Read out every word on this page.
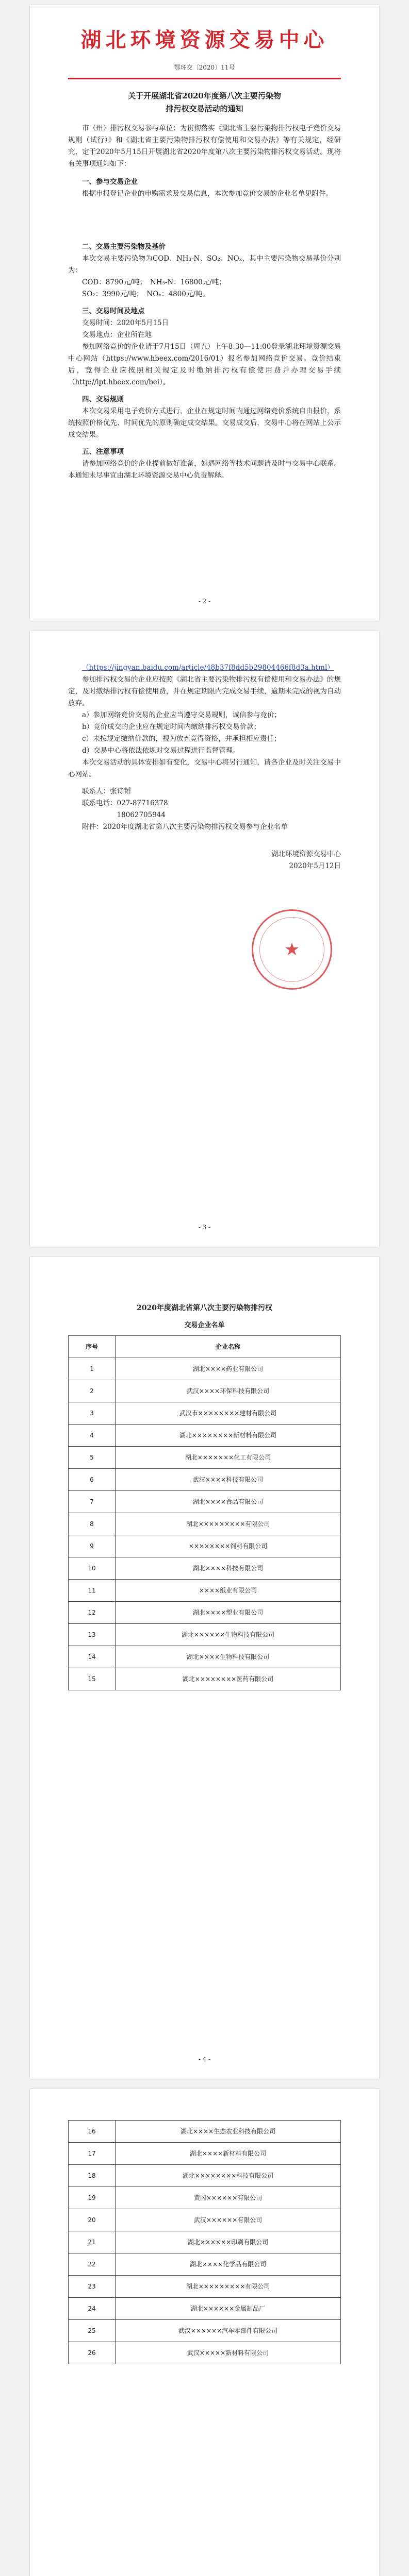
湖北环境资源交易中心
鄂环交〔2020〕11号
关于开展湖北省2020年度第八次主要污染物
排污权交易活动的通知

市（州）排污权交易参与单位：为贯彻落实《湖北省主要污染物排污权电子竞价交易规则（试行）》和《湖北省主要污染物排污权有偿使用和交易办法》等有关规定，经研究，定于2020年5月15日开展湖北省2020年度第八次主要污染物排污权交易活动。现将有关事项通知如下：

一、参与交易企业

根据申报登记企业的申购需求及交易信息，本次参加竞价交易的企业名单见附件。

二、交易主要污染物及基价

本次交易主要污染物为COD、NH₃-N、SO₂、NOₓ，其中主要污染物交易基价分别为：

COD：8790元/吨；　NH₃-N：16800元/吨；

SO₂：3990元/吨；　NOₓ：4800元/吨。

三、交易时间及地点

交易时间：2020年5月15日

交易地点：企业所在地

参加网络竞价的企业请于7月15日（周五）上午8:30—11:00登录湖北环境资源交易中心网站（https://www.hbeex.com/2016/01）报名参加网络竞价交易。竞价结束后，竞得企业应按照相关规定及时缴纳排污权有偿使用费并办理交易手续（http://ipt.hbeex.com/bei）。

四、交易规则

本次交易采用电子竞价方式进行，企业在规定时间内通过网络竞价系统自由报价，系统按照价格优先、时间优先的原则确定成交结果。交易成交后，交易中心将在网站上公示成交结果。

五、注意事项

请参加网络竞价的企业提前做好准备，如遇网络等技术问题请及时与交易中心联系。本通知未尽事宜由湖北环境资源交易中心负责解释。

- 2 -

（https://jingyan.baidu.com/article/48b37f8dd5b29804466f8d3a.html）

参加排污权交易的企业应按照《湖北省主要污染物排污权有偿使用和交易办法》的规定，及时缴纳排污权有偿使用费，并在规定期限内完成交易手续，逾期未完成的视为自动放弃。

a）参加网络竞价交易的企业应当遵守交易规则，诚信参与竞价；

b）竞价成交的企业应在规定时间内缴纳排污权交易价款；

c）未按规定缴纳价款的，视为放弃竞得资格，并承担相应责任；

d）交易中心将依法依规对交易过程进行监督管理。

本次交易活动的具体安排如有变化，交易中心将另行通知，请各企业及时关注交易中心网站。

联系人：张诗韬

联系电话：027-87716378

18062705944

附件：2020年度湖北省第八次主要污染物排污权交易参与企业名单

湖北环境资源交易中心
2020年5月12日
★
- 3 -
2020年度湖北省第八次主要污染物排污权
交易企业名单
序号	企业名称
1	湖北××××药业有限公司
2	武汉××××环保科技有限公司
3	武汉市××××××××建材有限公司
4	湖北××××××××新材料有限公司
5	湖北×××××××化工有限公司
6	武汉××××科技有限公司
7	湖北××××食品有限公司
8	湖北×××××××××有限公司
9	××××××××饲料有限公司
10	湖北××××科技有限公司
11	××××纸业有限公司
12	湖北××××塑业有限公司
13	湖北××××××生物科技有限公司
14	湖北××××生物科技有限公司
15	湖北××××××××医药有限公司
- 4 -
16	湖北××××生态农业科技有限公司
17	湖北××××新材料有限公司
18	湖北××××××××科技有限公司
19	黄冈××××××有限公司
20	武汉××××××有限公司
21	湖北××××××印刷有限公司
22	湖北××××化学品有限公司
23	湖北×××××××××有限公司
24	湖北××××××金属制品厂
25	武汉××××××汽车零部件有限公司
26	武汉×××××新材料有限公司
